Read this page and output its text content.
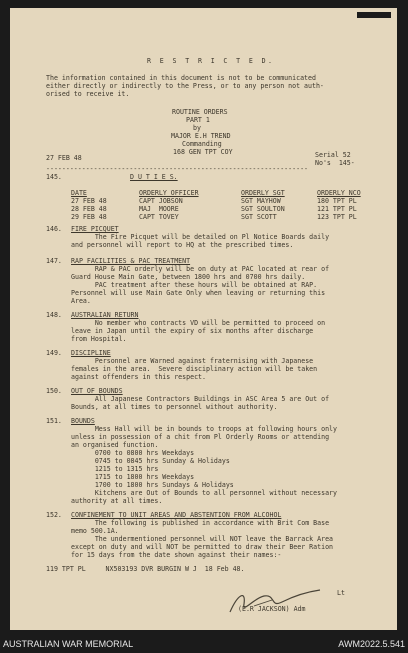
R E S T R I C T E D.
The information contained in this document is not to be communicated
either directly or indirectly to the Press, or to any person not auth-
orised to receive it.
ROUTINE ORDERS
PART 1
by
MAJOR E.H TREND
Commanding
168 GEN TPT COY
27 FEB 48	Serial 52
No's  145-
------------------------------------------------------------------
145.	D U T I E S.
DATE	ORDERLY OFFICER	ORDERLY SGT	ORDERLY NCO
27 FEB 48	CAPT JOBSON	SGT MAYHOW	180 TPT PL
28 FEB 48	MAJ  MOORE	SGT SOULTON	121 TPT PL
29 FEB 48	CAPT TOVEY	SGT SCOTT	123 TPT PL
146. FIRE PICQUET
The Fire Picquet will be detailed on Pl Notice Boards daily
and personnel will report to HQ at the prescribed times.
147. RAP FACILITIES & PAC TREATMENT
RAP & PAC orderly will be on duty at PAC located at rear of
Guard House Main Gate, between 1800 hrs and 0700 hrs daily.
PAC treatment after these hours will be obtained at RAP.
Personnel will use Main Gate Only when leaving or returning this
Area.
148. AUSTRALIAN RETURN
No member who contracts VD will be permitted to proceed on
leave in Japan until the expiry of six months after discharge
from Hospital.
149. DISCIPLINE
Personnel are Warned against fraternising with Japanese
females in the area.  Severe disciplinary action will be taken
against offenders in this respect.
150. OUT OF BOUNDS
All Japanese Contractors Buildings in ASC Area 5 are Out of
Bounds, at all times to personnel without authority.
151. BOUNDS
Mess Hall will be in bounds to troops at following hours only
unless in possession of a chit from Pl Orderly Rooms or attending
an organised function.
0700 to 0800 hrs Weekdays
0745 to 0845 hrs Sunday & Holidays
1215 to 1315 hrs
1715 to 1800 hrs Weekdays
1700 to 1800 hrs Sundays & Holidays
Kitchens are Out of Bounds to all personnel without necessary
authority at all times.
152. CONFINEMENT TO UNIT AREAS AND ABSTENTION FROM ALCOHOL
The following is published in accordance with Brit Com Base
memo 500.1A.
The undermentioned personnel will NOT leave the Barrack Area
except on duty and will NOT be permitted to draw their Beer Ration
for 15 days from the date shown against their names:-
119 TPT PL     NX503193 DVR BURGIN W J  18 Feb 48.
Lt
(E.R JACKSON) Adm
AUSTRALIAN WAR MEMORIAL	AWM2022.5.541
